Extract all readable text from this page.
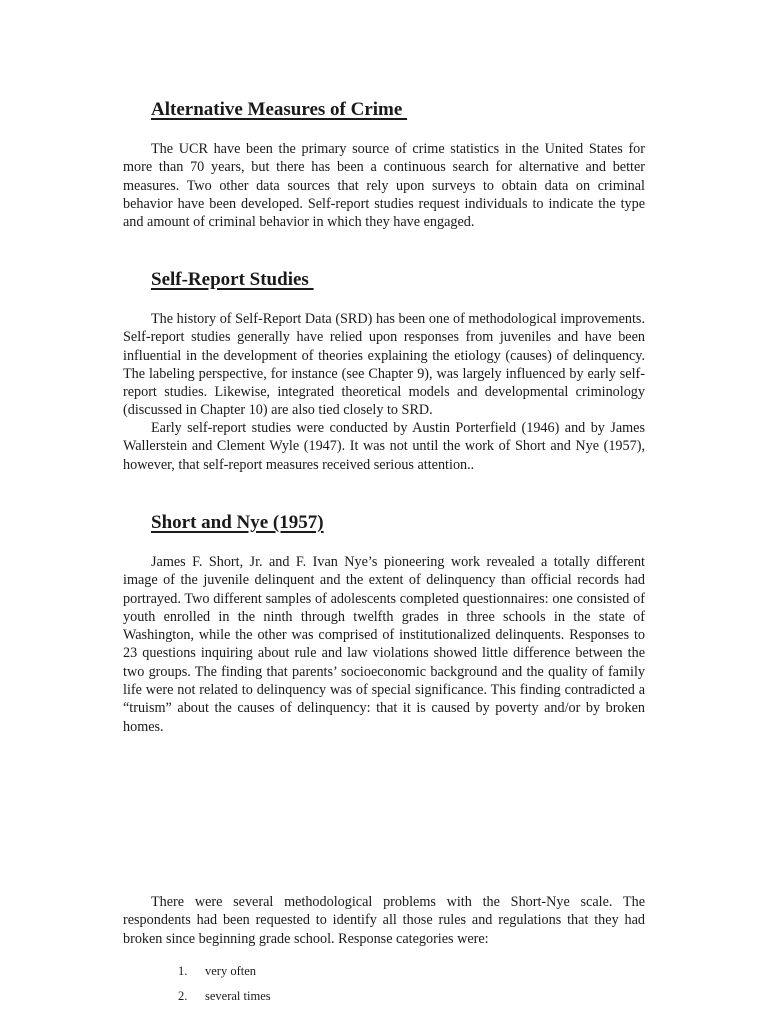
Alternative Measures of Crime

The UCR have been the primary source of crime statistics in the United States for more than 70 years, but there has been a continuous search for alternative and better measures. Two other data sources that rely upon surveys to obtain data on criminal behavior have been developed. Self-report studies request individuals to indicate the type and amount of criminal behavior in which they have engaged.

Self-Report Studies

The history of Self-Report Data (SRD) has been one of methodological improvements. Self-report studies generally have relied upon responses from juveniles and have been influential in the development of theories explaining the etiology (causes) of delinquency. The labeling perspective, for instance (see Chapter 9), was largely influenced by early self-report studies. Likewise, integrated theoretical models and developmental criminology (discussed in Chapter 10) are also tied closely to SRD.

Early self-report studies were conducted by Austin Porterfield (1946) and by James Wallerstein and Clement Wyle (1947). It was not until the work of Short and Nye (1957), however, that self-report measures received serious attention..

Short and Nye (1957)

James F. Short, Jr. and F. Ivan Nye’s pioneering work revealed a totally different image of the juvenile delinquent and the extent of delinquency than official records had portrayed. Two different samples of adolescents completed questionnaires: one consisted of youth enrolled in the ninth through twelfth grades in three schools in the state of Washington, while the other was comprised of institutionalized delinquents. Responses to 23 questions inquiring about rule and law violations showed little difference between the two groups. The finding that parents’ socioeconomic background and the quality of family life were not related to delinquency was of special significance. This finding contradicted a “truism” about the causes of delinquency: that it is caused by poverty and/or by broken homes.

There were several methodological problems with the Short-Nye scale. The respondents had been requested to identify all those rules and regulations that they had broken since beginning grade school. Response categories were:

1.	very often
2.	several times
